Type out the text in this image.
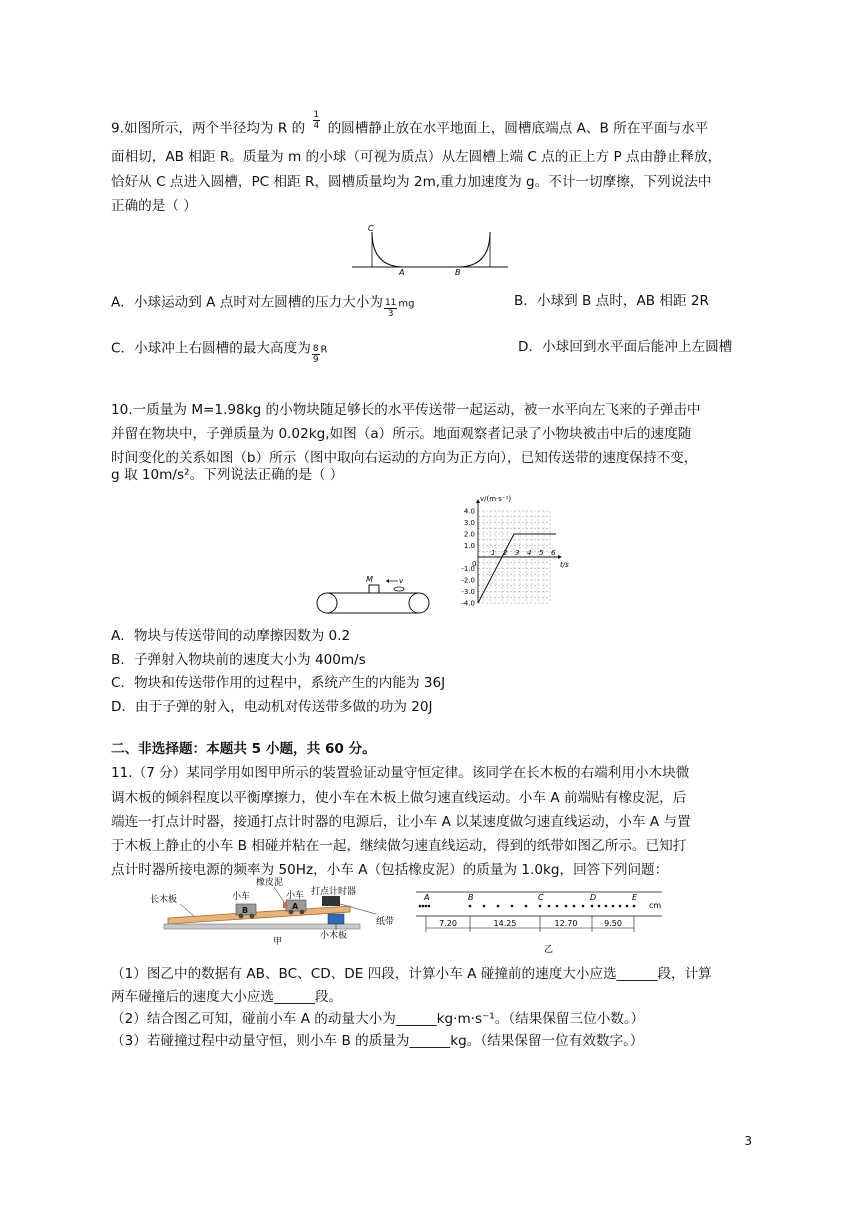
9.如图所示，两个半径均为 R 的 $\frac{1}{4}$ 的圆槽静止放在水平地面上，圆槽底端点 A、B 所在平面与水平
面相切，AB 相距 R。质量为 m 的小球（可视为质点）从左圆槽上端 C 点的正上方 P 点由静止释放，
恰好从 C 点进入圆槽，PC 相距 R，圆槽质量均为 2m,重力加速度为 g。不计一切摩擦，下列说法中
正确的是（ ）
C
A	B
A．小球运动到 A 点时对左圆槽的压力大小为 $\frac{11}{3}$ mg	B．小球到 B 点时，AB 相距 2R
C．小球冲上右圆槽的最大高度为 $\frac{8}{9}$ R	D．小球回到水平面后能冲上左圆槽
10.一质量为 M=1.98kg 的小物块随足够长的水平传送带一起运动，被一水平向左飞来的子弹击中
并留在物块中，子弹质量为 0.02kg,如图（a）所示。地面观察者记录了小物块被击中后的速度随
时间变化的关系如图（b）所示（图中取向右运动的方向为正方向），已知传送带的速度保持不变，
g 取 10m/s²。下列说法正确的是（ ）
M	v
v/(m·s⁻¹)
t/s
0
4.0
3.0
2.0
1.0
-1.0
-2.0
-3.0
-4.0
1 2 3 4 5 6
A．物块与传送带间的动摩擦因数为 0.2
B．子弹射入物块前的速度大小为 400m/s
C．物块和传送带作用的过程中，系统产生的内能为 36J
D．由于子弹的射入，电动机对传送带多做的功为 20J
二、非选择题：本题共 5 小题，共 60 分。
11.（7 分）某同学用如图甲所示的装置验证动量守恒定律。该同学在长木板的右端利用小木块微
调木板的倾斜程度以平衡摩擦力，使小车在木板上做匀速直线运动。小车 A 前端贴有橡皮泥，后
端连一打点计时器，接通打点计时器的电源后，让小车 A 以某速度做匀速直线运动，小车 A 与置
于木板上静止的小车 B 相碰并粘在一起，继续做匀速直线运动，得到的纸带如图乙所示。已知打
点计时器所接电源的频率为 50Hz，小车 A（包括橡皮泥）的质量为 1.0kg，回答下列问题：
B	A
长木板	小车
橡皮泥
小车 打点计时器
纸带
小木板
甲
A	B	C	D	E
cm
7.20	14.25	12.70	9.50
乙
（1）图乙中的数据有 AB、BC、CD、DE 四段，计算小车 A 碰撞前的速度大小应选______段，计算
两车碰撞后的速度大小应选______段。
（2）结合图乙可知，碰前小车 A 的动量大小为______kg·m·s⁻¹。（结果保留三位小数。）
（3）若碰撞过程中动量守恒，则小车 B 的质量为______kg。（结果保留一位有效数字。）
3
